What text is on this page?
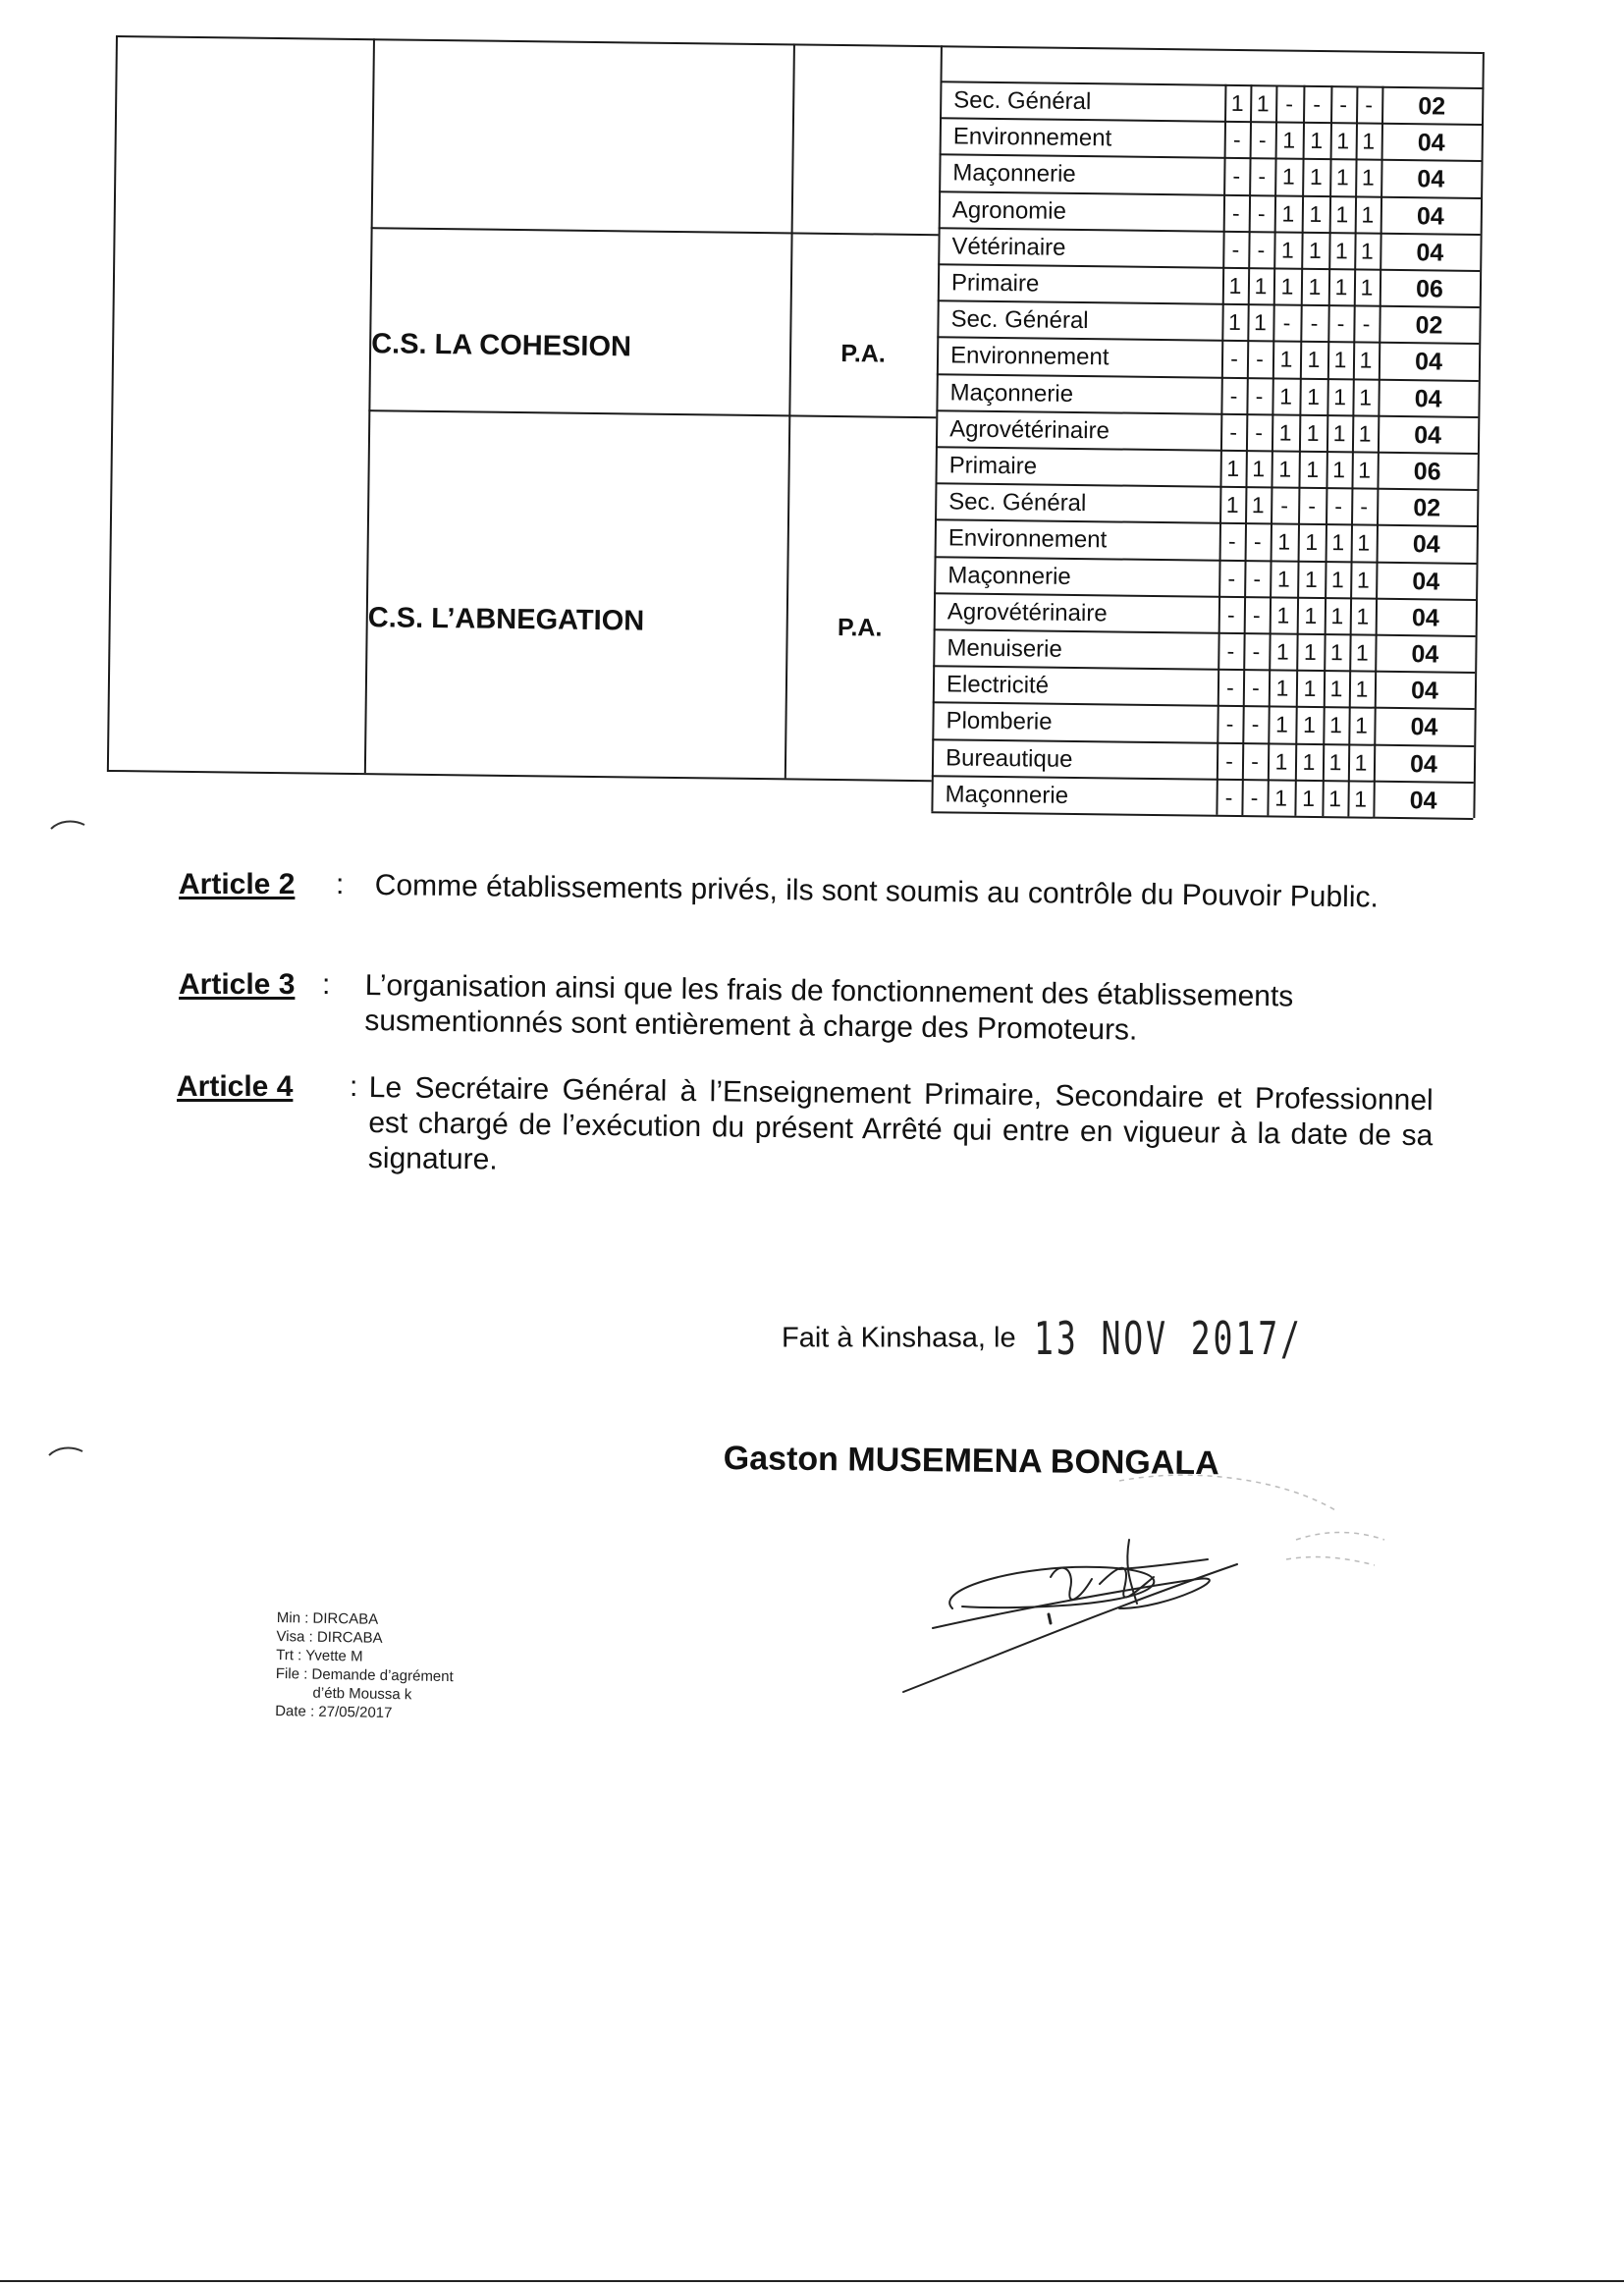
Sec. Général	1 1 - - - -	02
Environnement	- - 1 1 1 1	04
Maçonnerie	- - 1 1 1 1	04
Agronomie	- - 1 1 1 1	04
Vétérinaire	- - 1 1 1 1	04
Primaire	1 1 1 1 1 1	06
Sec. Général	1 1 - - - -	02
Environnement	- - 1 1 1 1	04
Maçonnerie	- - 1 1 1 1	04
Agrovétérinaire	- - 1 1 1 1	04
Primaire	1 1 1 1 1 1	06
Sec. Général	1 1 - - - -	02
Environnement	- - 1 1 1 1	04
Maçonnerie	- - 1 1 1 1	04
Agrovétérinaire	- - 1 1 1 1	04
Menuiserie	- - 1 1 1 1	04
Electricité	- - 1 1 1 1	04
Plomberie	- - 1 1 1 1	04
Bureautique	- - 1 1 1 1	04
Maçonnerie	- - 1 1 1 1	04
C.S. LA COHESION	P.A.
C.S. L’ABNEGATION	P.A.
Article 2 : Comme établissements privés, ils sont soumis au contrôle du Pouvoir Public.
Article 3 : L’organisation ainsi que les frais de fonctionnement des établissements susmentionnés sont entièrement à charge des Promoteurs.
Article 4 : Le Secrétaire Général à l’Enseignement Primaire, Secondaire et Professionnel est chargé de l’exécution du présent Arrêté qui entre en vigueur à la date de sa signature.
Fait à Kinshasa, le 13 NOV 2017/
Gaston MUSEMENA BONGALA
Min : DIRCABA
Visa : DIRCABA
Trt : Yvette M
File : Demande d’agrément
d’étb Moussa k
Date : 27/05/2017
